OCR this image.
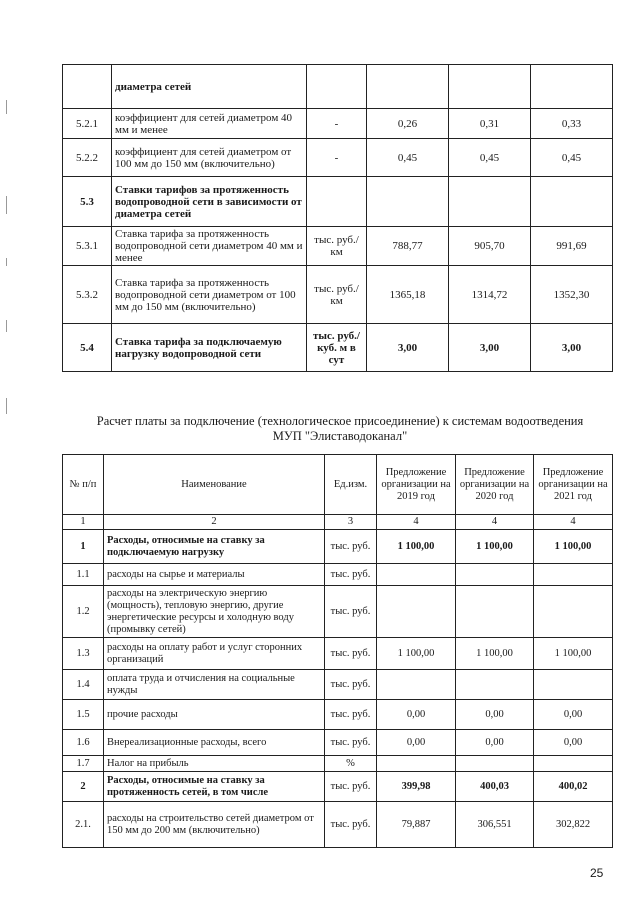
	диаметра сетей				
5.2.1	коэффициент для сетей диаметром 40 мм и менее	-	0,26	0,31	0,33
5.2.2	коэффициент для сетей диаметром от 100 мм до 150 мм (включительно)	-	0,45	0,45	0,45
5.3	Ставки тарифов за протяженность водопроводной сети в зависимости от диаметра сетей				
5.3.1	Ставка тарифа за протяженность водопроводной сети диаметром 40 мм и менее	тыс. руб./км	788,77	905,70	991,69
5.3.2	Ставка тарифа за протяженность водопроводной сети диаметром от 100 мм до 150 мм (включительно)	тыс. руб./км	1365,18	1314,72	1352,30
5.4	Ставка тарифа за подключаемую нагрузку водопроводной сети	тыс. руб./ куб. м в сут	3,00	3,00	3,00
Расчет платы за подключение (технологическое присоединение) к системам водоотведения
МУП "Элиставодоканал"
№ п/п	Наименование	Ед.изм.	Предложение организации на 2019 год	Предложение организации на 2020 год	Предложение организации на 2021 год
1	2	3	4	4	4
1	Расходы, относимые на ставку за подключаемую нагрузку	тыс. руб.	1 100,00	1 100,00	1 100,00
1.1	расходы на сырье и материалы	тыс. руб.			
1.2	расходы на электрическую энергию (мощность), тепловую энергию, другие энергетические ресурсы и холодную воду (промывку сетей)	тыс. руб.			
1.3	расходы на оплату работ и услуг сторонних организаций	тыс. руб.	1 100,00	1 100,00	1 100,00
1.4	оплата труда и отчисления на социальные нужды	тыс. руб.			
1.5	прочие расходы	тыс. руб.	0,00	0,00	0,00
1.6	Внереализационные расходы, всего	тыс. руб.	0,00	0,00	0,00
1.7	Налог на прибыль	%			
2	Расходы, относимые на ставку за протяженность сетей, в том числе	тыс. руб.	399,98	400,03	400,02
2.1.	расходы на строительство сетей диаметром от 150 мм до 200 мм (включительно)	тыс. руб.	79,887	306,551	302,822
25
